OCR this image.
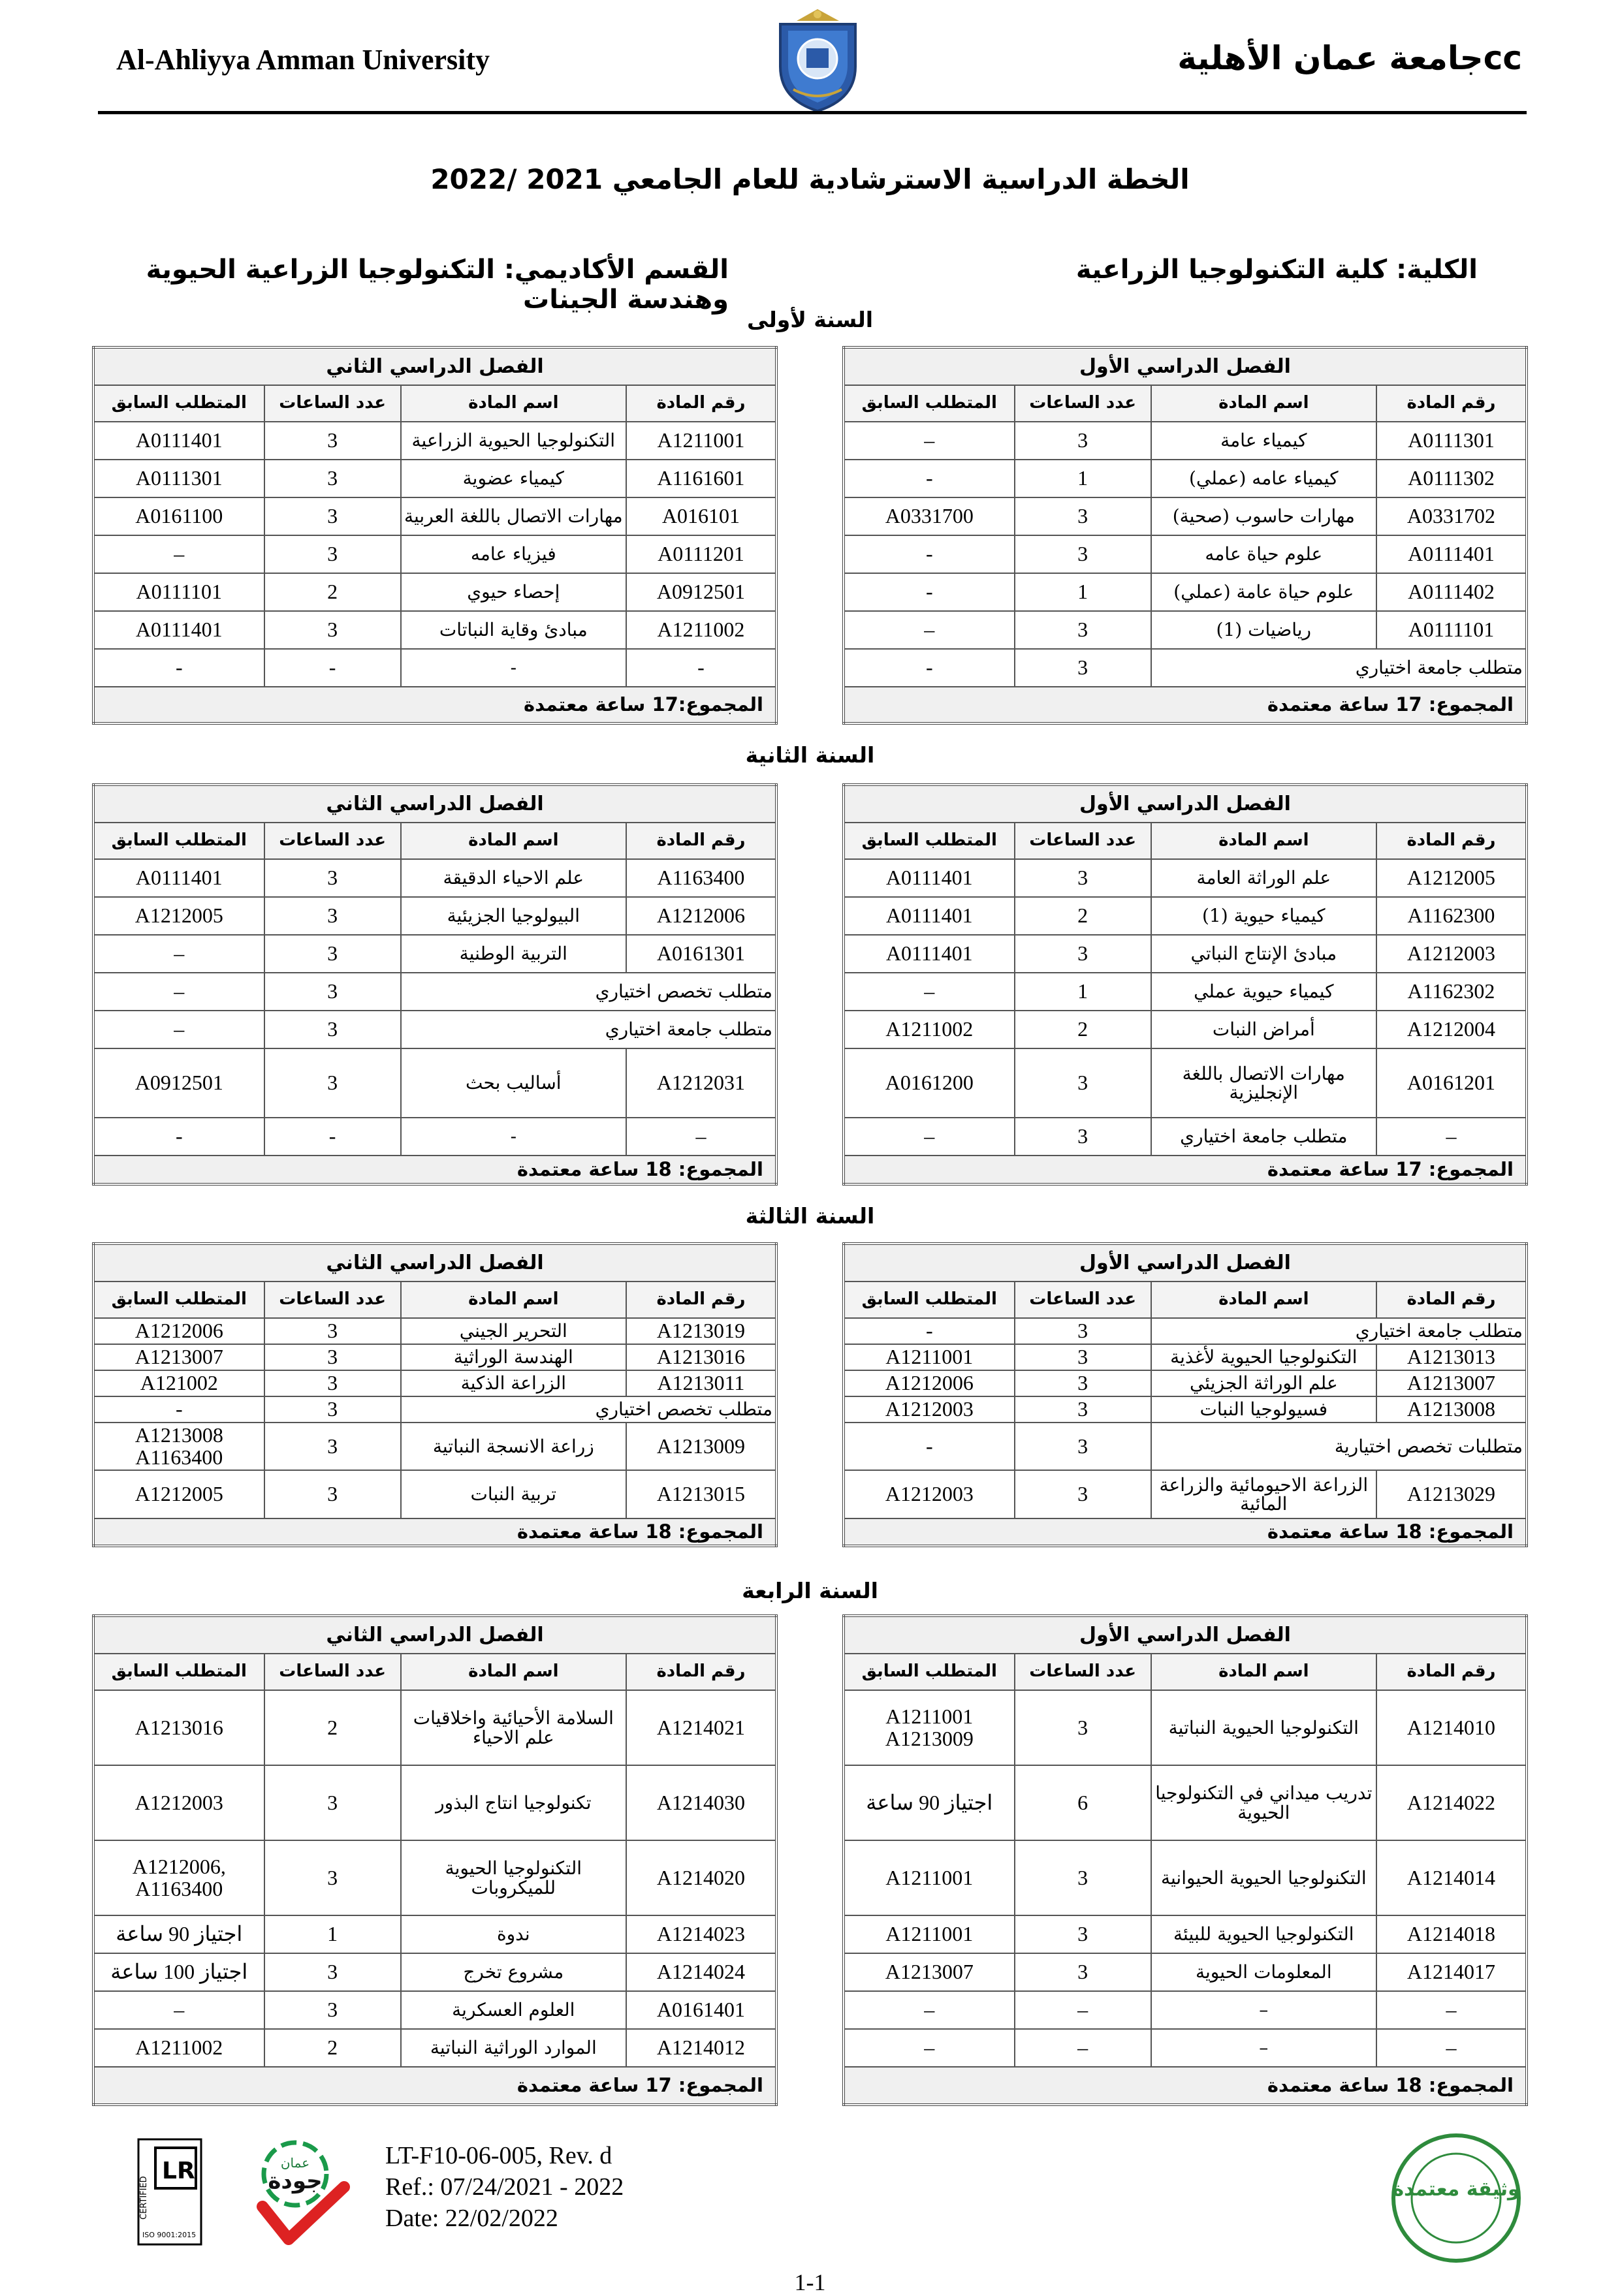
Al-Ahliyya Amman University	ccجامعة عمان الأهلية
الخطة الدراسية الاسترشادية للعام الجامعي 2021 /2022
الكلية: كلية التكنولوجيا الزراعية
القسم الأكاديمي: التكنولوجيا الزراعية الحيوية وهندسة الجينات
السنة لأولى
السنة الثانية
السنة الثالثة
السنة الرابعة
الفصل الدراسي الأول			
رقم المادة	اسم المادة	عدد الساعات	المتطلب السابق
A0111301	كيمياء عامة	3	–
A0111302	كيمياء عامه (عملي)	1	-
A0331702	مهارات حاسوب (صحية)	3	A0331700
A0111401	علوم حياة عامه	3	-
A0111402	علوم حياة عامة (عملي)	1	-
A0111101	رياضيات (1)	3	–
متطلب جامعة اختياري		3	-
المجموع: 17 ساعة معتمدة			
الفصل الدراسي الثاني			
رقم المادة	اسم المادة	عدد الساعات	المتطلب السابق
A1211001	التكنولوجيا الحيوية الزراعية	3	A0111401
A1161601	كيمياء عضوية	3	A0111301
A016101	مهارات الاتصال باللغة العربية	3	A0161100
A0111201	فيزياء عامه	3	–
A0912501	إحصاء حيوي	2	A0111101
A1211002	مبادئ وقاية النباتات	3	A0111401
-	-	-	-
المجموع:17 ساعة معتمدة			
الفصل الدراسي الأول			
رقم المادة	اسم المادة	عدد الساعات	المتطلب السابق
A1212005	علم الوراثة العامة	3	A0111401
A1162300	كيمياء حيوية (1)	2	A0111401
A1212003	مبادئ الإنتاج النباتي	3	A0111401
A1162302	كيمياء حيوية عملي	1	–
A1212004	أمراض النبات	2	A1211002
A0161201	مهارات الاتصال باللغة الإنجليزية	3	A0161200
–	متطلب جامعة اختياري	3	–
المجموع: 17 ساعة معتمدة			
الفصل الدراسي الثاني			
رقم المادة	اسم المادة	عدد الساعات	المتطلب السابق
A1163400	علم الاحياء الدقيقة	3	A0111401
A1212006	البيولوجيا الجزيئية	3	A1212005
A0161301	التربية الوطنية	3	–
متطلب تخصص اختياري		3	–
متطلب جامعة اختياري		3	–
A1212031	أساليب بحث	3	A0912501
–	-	-	-
المجموع: 18 ساعة معتمدة			
الفصل الدراسي الأول			
رقم المادة	اسم المادة	عدد الساعات	المتطلب السابق
متطلب جامعة اختياري		3	-
A1213013	التكنولوجيا الحيوية لأغذية	3	A1211001
A1213007	علم الوراثة الجزيئي	3	A1212006
A1213008	فسيولوجيا النبات	3	A1212003
متطلبات تخصص اختيارية		3	-
A1213029	الزراعة الاحيومائية والزراعة المائية	3	A1212003
المجموع: 18 ساعة معتمدة			
الفصل الدراسي الثاني			
رقم المادة	اسم المادة	عدد الساعات	المتطلب السابق
A1213019	التحرير الجيني	3	A1212006
A1213016	الهندسة الوراثية	3	A1213007
A1213011	الزراعة الذكية	3	A121002
متطلب تخصص اختياري		3	-
A1213009	زراعة الانسجة النباتية	3	A1213008 A1163400
A1213015	تربية النبات	3	A1212005
المجموع: 18 ساعة معتمدة			
الفصل الدراسي الأول			
رقم المادة	اسم المادة	عدد الساعات	المتطلب السابق
A1214010	التكنولوجيا الحيوية النباتية	3	A1211001 A1213009
A1214022	تدريب ميداني في التكنولوجيا الحيوية	6	اجتياز 90 ساعة
A1214014	التكنولوجيا الحيوية الحيوانية	3	A1211001
A1214018	التكنولوجيا الحيوية للبيئة	3	A1211001
A1214017	المعلومات الحيوية	3	A1213007
–	–	–	–
–	–	–	–
المجموع: 18 ساعة معتمدة			
الفصل الدراسي الثاني			
رقم المادة	اسم المادة	عدد الساعات	المتطلب السابق
A1214021	السلامة الأحيائية واخلاقيات علم الاحياء	2	A1213016
A1214030	تكنولوجيا انتاج البذور	3	A1212003
A1214020	التكنولوجيا الحيوية للميكروبات	3	A1212006, A1163400
A1214023	ندوة	1	اجتياز 90 ساعة
A1214024	مشروع تخرج	3	اجتياز 100 ساعة
A0161401	العلوم العسكرية	3	–
A1214012	الموارد الوراثية النباتية	2	A1211002
المجموع: 17 ساعة معتمدة			
CERTIFIED
LR
ISO 9001:2015
عمان
جودة
LT-F10-06-005, Rev. d
Ref.: 07/24/2021 - 2022
Date: 22/02/2022
وثيقة معتمدة
1-1
